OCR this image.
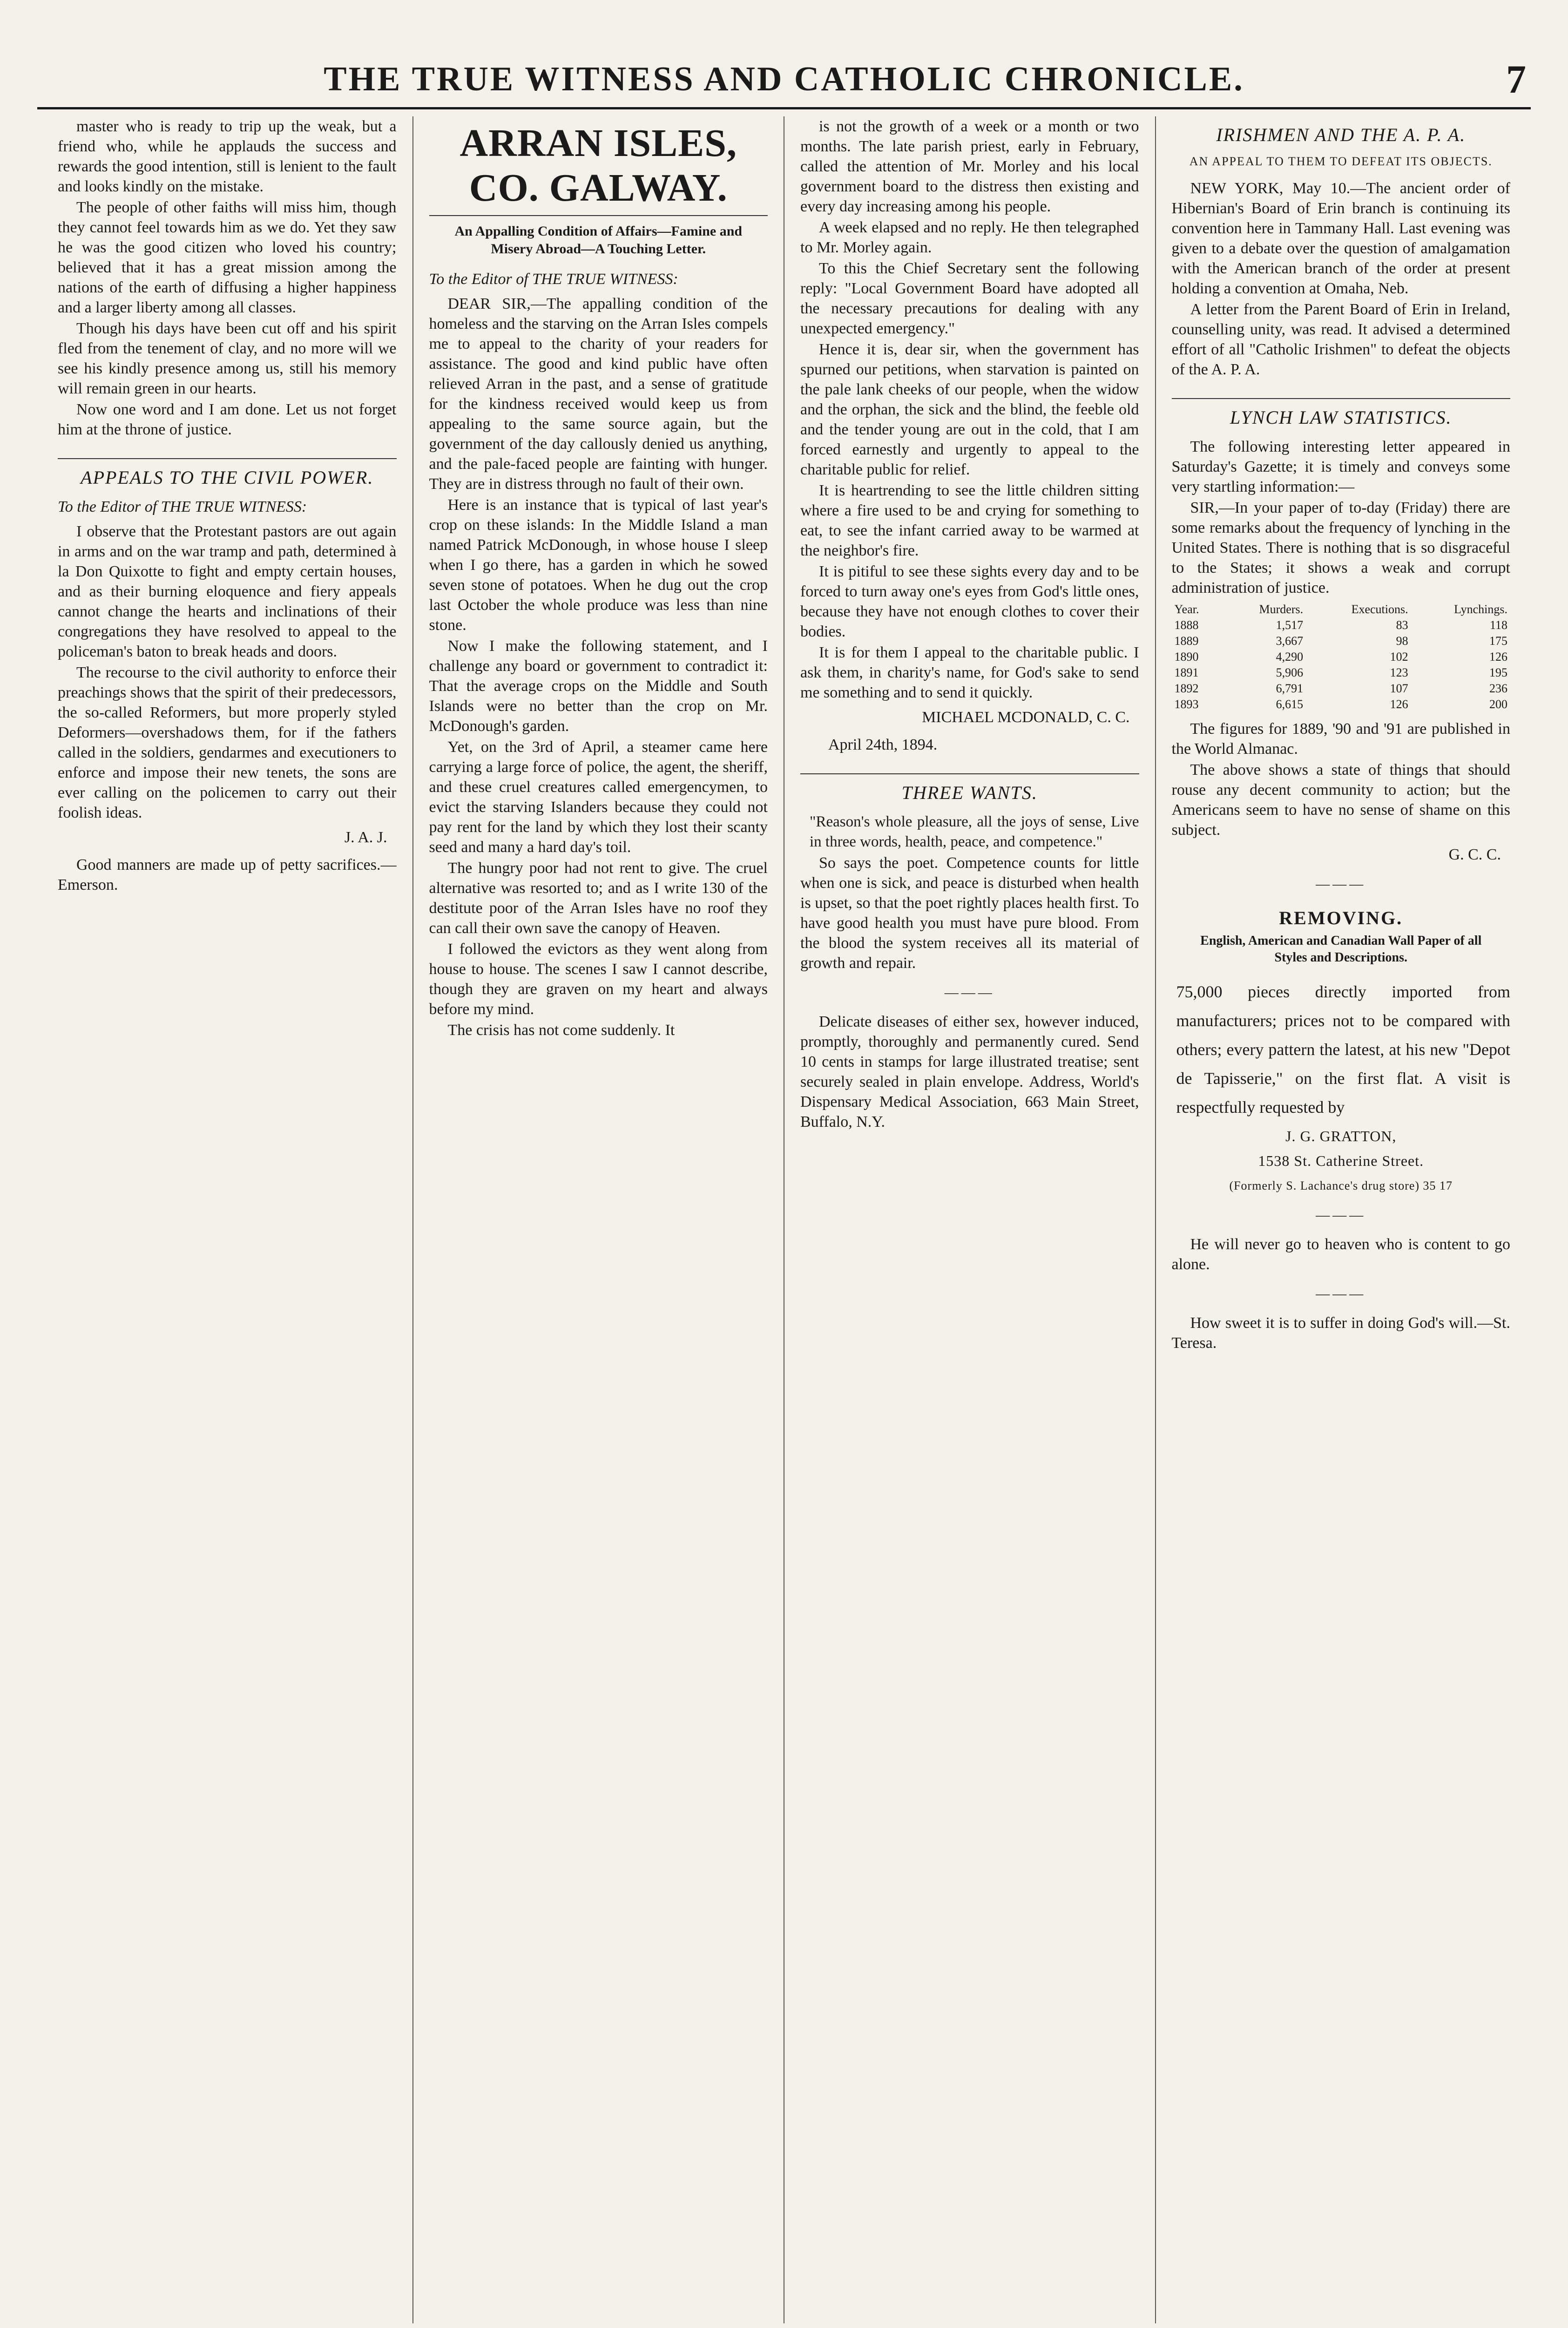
THE TRUE WITNESS AND CATHOLIC CHRONICLE.	7

master who is ready to trip up the weak, but a friend who, while he applauds the success and rewards the good intention, still is lenient to the fault and looks kindly on the mistake.

The people of other faiths will miss him, though they cannot feel towards him as we do. Yet they saw he was the good citizen who loved his country; believed that it has a great mission among the nations of the earth of diffusing a higher happiness and a larger liberty among all classes.

Though his days have been cut off and his spirit fled from the tenement of clay, and no more will we see his kindly presence among us, still his memory will remain green in our hearts.

Now one word and I am done. Let us not forget him at the throne of justice.

APPEALS TO THE CIVIL POWER.
To the Editor of THE TRUE WITNESS:

I observe that the Protestant pastors are out again in arms and on the war tramp and path, determined à la Don Quixotte to fight and empty certain houses, and as their burning eloquence and fiery appeals cannot change the hearts and inclinations of their congregations they have resolved to appeal to the policeman's baton to break heads and doors.

The recourse to the civil authority to enforce their preachings shows that the spirit of their predecessors, the so-called Reformers, but more properly styled Deformers—overshadows them, for if the fathers called in the soldiers, gendarmes and executioners to enforce and impose their new tenets, the sons are ever calling on the policemen to carry out their foolish ideas.

J. A. J.

Good manners are made up of petty sacrifices.—Emerson.

ARRAN ISLES, CO. GALWAY.
An Appalling Condition of Affairs—Famine and Misery Abroad—A Touching Letter.
To the Editor of THE TRUE WITNESS:

DEAR SIR,—The appalling condition of the homeless and the starving on the Arran Isles compels me to appeal to the charity of your readers for assistance. The good and kind public have often relieved Arran in the past, and a sense of gratitude for the kindness received would keep us from appealing to the same source again, but the government of the day callously denied us anything, and the pale-faced people are fainting with hunger. They are in distress through no fault of their own.

Here is an instance that is typical of last year's crop on these islands: In the Middle Island a man named Patrick McDonough, in whose house I sleep when I go there, has a garden in which he sowed seven stone of potatoes. When he dug out the crop last October the whole produce was less than nine stone.

Now I make the following statement, and I challenge any board or government to contradict it: That the average crops on the Middle and South Islands were no better than the crop on Mr. McDonough's garden.

Yet, on the 3rd of April, a steamer came here carrying a large force of police, the agent, the sheriff, and these cruel creatures called emergencymen, to evict the starving Islanders because they could not pay rent for the land by which they lost their scanty seed and many a hard day's toil.

The hungry poor had not rent to give. The cruel alternative was resorted to; and as I write 130 of the destitute poor of the Arran Isles have no roof they can call their own save the canopy of Heaven.

I followed the evictors as they went along from house to house. The scenes I saw I cannot describe, though they are graven on my heart and always before my mind.

The crisis has not come suddenly. It

is not the growth of a week or a month or two months. The late parish priest, early in February, called the attention of Mr. Morley and his local government board to the distress then existing and every day increasing among his people.

A week elapsed and no reply. He then telegraphed to Mr. Morley again.

To this the Chief Secretary sent the following reply: "Local Government Board have adopted all the necessary precautions for dealing with any unexpected emergency."

Hence it is, dear sir, when the government has spurned our petitions, when starvation is painted on the pale lank cheeks of our people, when the widow and the orphan, the sick and the blind, the feeble old and the tender young are out in the cold, that I am forced earnestly and urgently to appeal to the charitable public for relief.

It is heartrending to see the little children sitting where a fire used to be and crying for something to eat, to see the infant carried away to be warmed at the neighbor's fire.

It is pitiful to see these sights every day and to be forced to turn away one's eyes from God's little ones, because they have not enough clothes to cover their bodies.

It is for them I appeal to the charitable public. I ask them, in charity's name, for God's sake to send me something and to send it quickly.

MICHAEL MCDONALD, C. C.
April 24th, 1894.
THREE WANTS.

"Reason's whole pleasure, all the joys of sense, Live in three words, health, peace, and competence."

So says the poet. Competence counts for little when one is sick, and peace is disturbed when health is upset, so that the poet rightly places health first. To have good health you must have pure blood. From the blood the system receives all its material of growth and repair.

———

Delicate diseases of either sex, however induced, promptly, thoroughly and permanently cured. Send 10 cents in stamps for large illustrated treatise; sent securely sealed in plain envelope. Address, World's Dispensary Medical Association, 663 Main Street, Buffalo, N.Y.

IRISHMEN AND THE A. P. A.
AN APPEAL TO THEM TO DEFEAT ITS OBJECTS.

NEW YORK, May 10.—The ancient order of Hibernian's Board of Erin branch is continuing its convention here in Tammany Hall. Last evening was given to a debate over the question of amalgamation with the American branch of the order at present holding a convention at Omaha, Neb.

A letter from the Parent Board of Erin in Ireland, counselling unity, was read. It advised a determined effort of all "Catholic Irishmen" to defeat the objects of the A. P. A.

LYNCH LAW STATISTICS.

The following interesting letter appeared in Saturday's Gazette; it is timely and conveys some very startling information:—

SIR,—In your paper of to-day (Friday) there are some remarks about the frequency of lynching in the United States. There is nothing that is so disgraceful to the States; it shows a weak and corrupt administration of justice.

Year.	Murders.	Executions.	Lynchings.
1888	1,517	83	118
1889	3,667	98	175
1890	4,290	102	126
1891	5,906	123	195
1892	6,791	107	236
1893	6,615	126	200

The figures for 1889, '90 and '91 are published in the World Almanac.

The above shows a state of things that should rouse any decent community to action; but the Americans seem to have no sense of shame on this subject.

G. C. C.
———
REMOVING.
English, American and Canadian Wall Paper of all Styles and Descriptions.

75,000 pieces directly imported from manufacturers; prices not to be compared with others; every pattern the latest, at his new "Depot de Tapisserie," on the first flat. A visit is respectfully requested by

J. G. GRATTON,
1538 St. Catherine Street.
(Formerly S. Lachance's drug store) 35 17
———

He will never go to heaven who is content to go alone.

———

How sweet it is to suffer in doing God's will.—St. Teresa.
